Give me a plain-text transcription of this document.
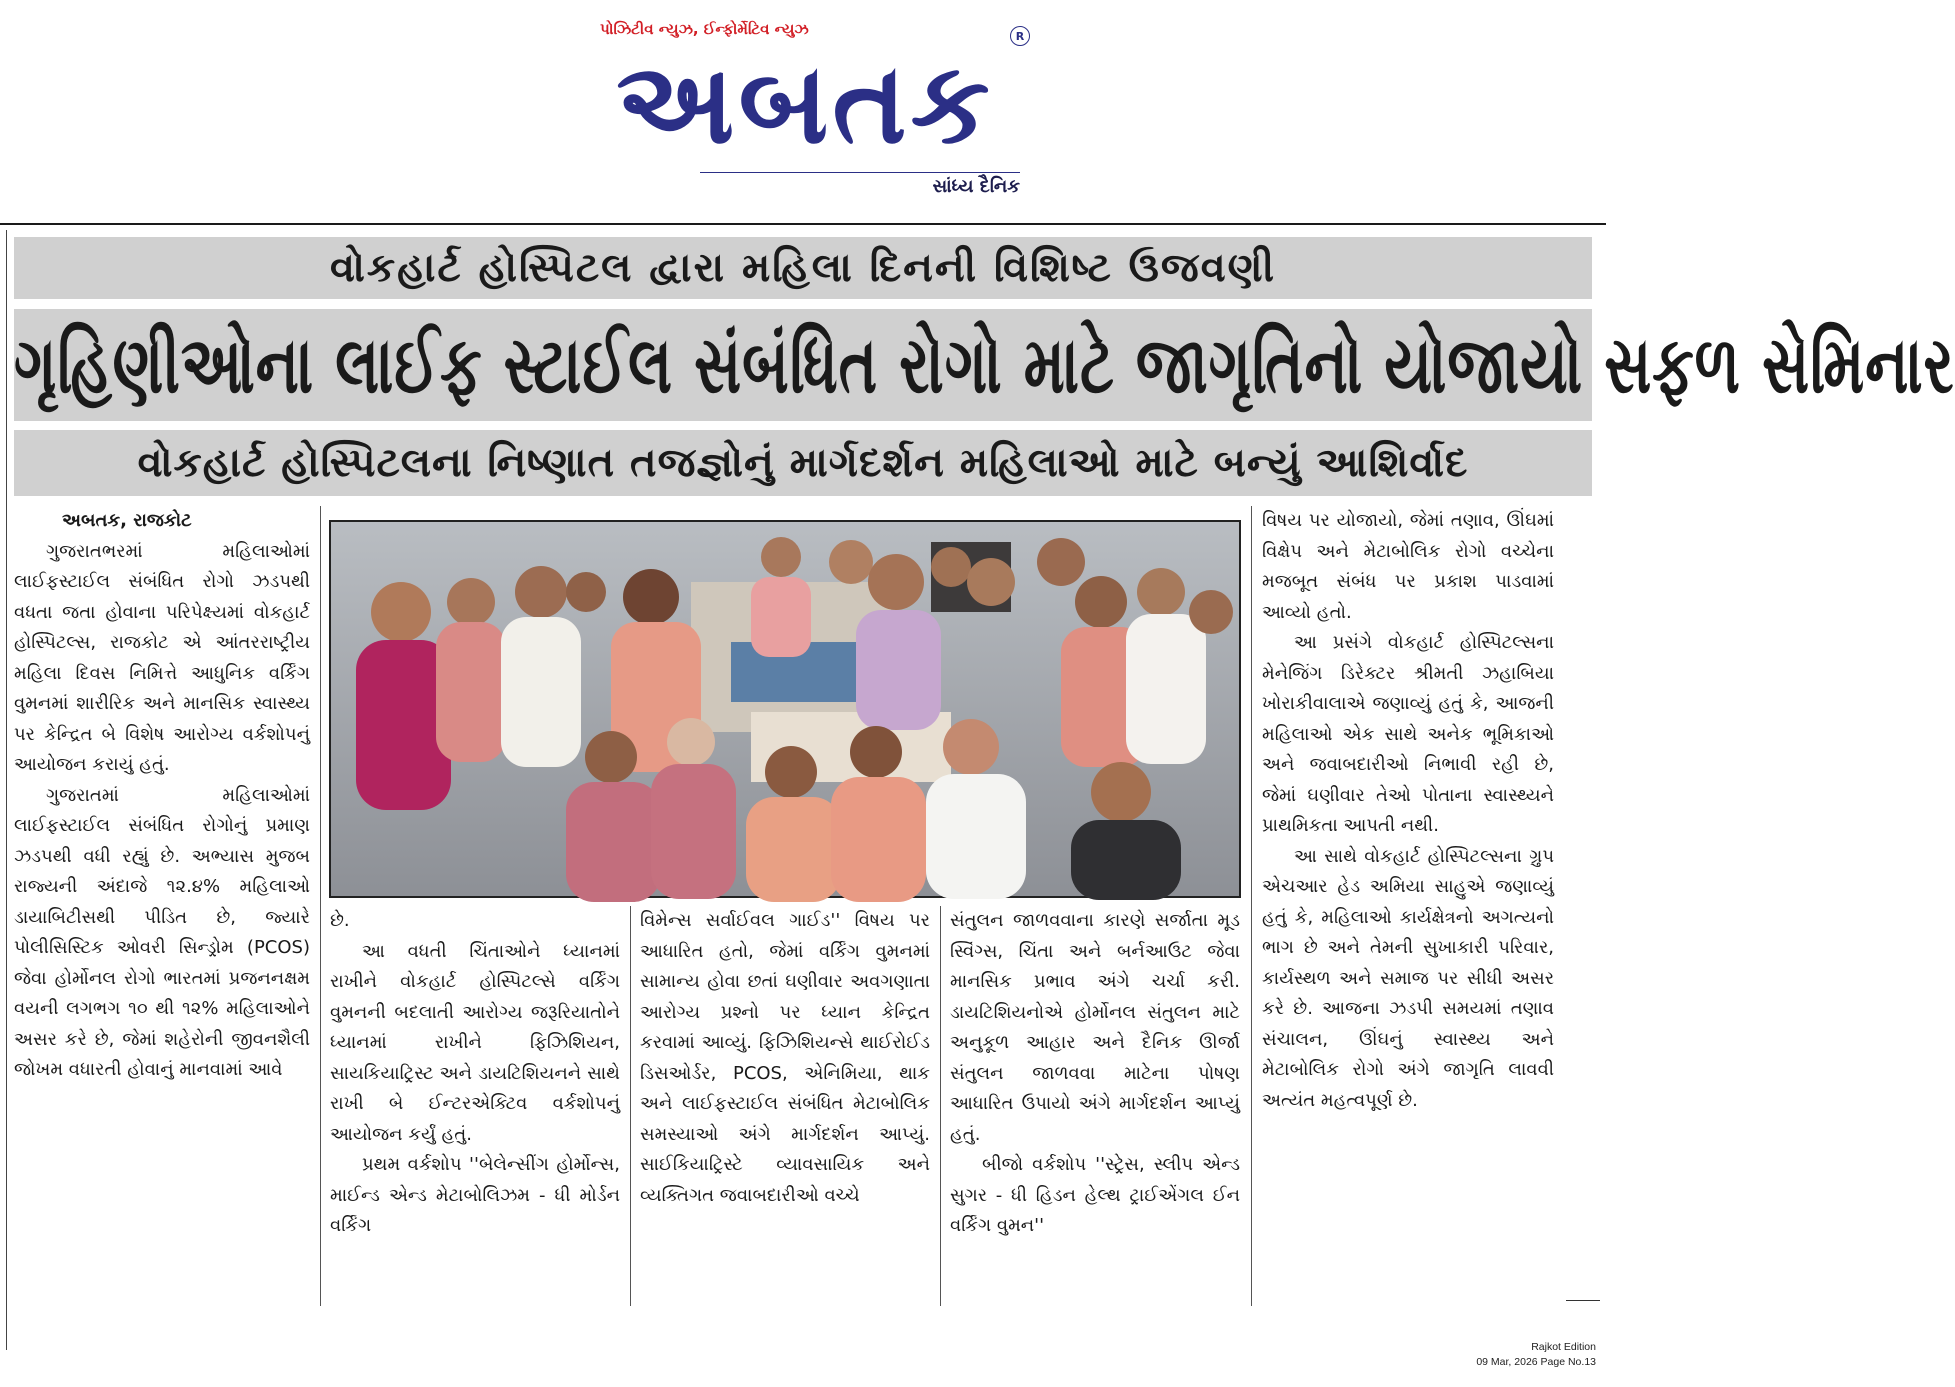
પોઝિટીવ ન્યુઝ, ઈન્ફોર્મેટિવ ન્યુઝ	R
અબતક
સાંધ્ય દૈનિક
વોકહાર્ટ હોસ્પિટલ દ્વારા મહિલા દિનની વિશિષ્ટ ઉજવણી
ગૃહિણીઓના લાઈફ સ્ટાઈલ સંબંધિત રોગો માટે જાગૃતિનો યોજાયો સફળ સેમિનાર
વોકહાર્ટ હોસ્પિટલના નિષ્ણાત તજજ્ઞોનું માર્ગદર્શન મહિલાઓ માટે બન્યું આશિર્વાદ
અબતક, રાજકોટ

ગુજરાતભરમાં મહિલાઓમાં લાઈફસ્ટાઈલ સંબંધિત રોગો ઝડપથી વધતા જતા હોવાના પરિપેક્ષ્યમાં વોકહાર્ટ હોસ્પિટલ્સ, રાજકોટ એ આંતરરાષ્ટ્રીય મહિલા દિવસ નિમિત્તે આધુનિક વર્કિંગ વુમનમાં શારીરિક અને માનસિક સ્વાસ્થ્ય પર કેન્દ્રિત બે વિશેષ આરોગ્ય વર્કશોપનું આયોજન કરાયું હતું.

ગુજરાતમાં મહિલાઓમાં લાઈફસ્ટાઈલ સંબંધિત રોગોનું પ્રમાણ ઝડપથી વધી રહ્યું છે. અભ્યાસ મુજબ રાજ્યની અંદાજે ૧૨.૪% મહિલાઓ ડાયાબિટીસથી પીડિત છે, જ્યારે પોલીસિસ્ટિક ઓવરી સિન્ડ્રોમ (PCOS) જેવા હોર્મોનલ રોગો ભારતમાં પ્રજનનક્ષમ વયની લગભગ ૧૦ થી ૧૨% મહિલાઓને અસર કરે છે, જેમાં શહેરોની જીવનશૈલી જોખમ વધારતી હોવાનું માનવામાં આવે

છે.

આ વધતી ચિંતાઓને ધ્યાનમાં રાખીને વોકહાર્ટ હોસ્પિટલ્સે વર્કિંગ વુમનની બદલાતી આરોગ્ય જરૂરિયાતોને ધ્યાનમાં રાખીને ફિઝિશિયન, સાયકિયાટ્રિસ્ટ અને ડાયટિશિયનને સાથે રાખી બે ઈન્ટરએક્ટિવ વર્કશોપનું આયોજન કર્યું હતું.

પ્રથમ વર્કશોપ ''બેલેન્સીંગ હોર્મોન્સ, માઈન્ડ એન્ડ મેટાબોલિઝમ - ધી મોર્ડન વર્કિંગ

વિમેન્સ સર્વાઈવલ ગાઈડ'' વિષય પર આધારિત હતો, જેમાં વર્કિંગ વુમનમાં સામાન્ય હોવા છતાં ઘણીવાર અવગણાતા આરોગ્ય પ્રશ્નો પર ધ્યાન કેન્દ્રિત કરવામાં આવ્યું. ફિઝિશિયન્સે થાઈરોઈડ ડિસઓર્ડર, PCOS, એનિમિયા, થાક અને લાઈફસ્ટાઈલ સંબંધિત મેટાબોલિક સમસ્યાઓ અંગે માર્ગદર્શન આપ્યું. સાઈકિયાટ્રિસ્ટે વ્યાવસાયિક અને વ્યક્તિગત જવાબદારીઓ વચ્ચે

સંતુલન જાળવવાના કારણે સર્જાતા મૂડ સ્વિંગ્સ, ચિંતા અને બર્નઆઉટ જેવા માનસિક પ્રભાવ અંગે ચર્ચા કરી. ડાયટિશિયનોએ હોર્મોનલ સંતુલન માટે અનુકૂળ આહાર અને દૈનિક ઊર્જા સંતુલન જાળવવા માટેના પોષણ આધારિત ઉપાયો અંગે માર્ગદર્શન આપ્યું હતું.

બીજો વર્કશોપ ''સ્ટ્રેસ, સ્લીપ એન્ડ સુગર - ધી હિડન હેલ્થ ટ્રાઈએંગલ ઈન વર્કિંગ વુમન''

વિષય પર યોજાયો, જેમાં તણાવ, ઊંઘમાં વિક્ષેપ અને મેટાબોલિક રોગો વચ્ચેના મજબૂત સંબંધ પર પ્રકાશ પાડવામાં આવ્યો હતો.

આ પ્રસંગે વોકહાર્ટ હોસ્પિટલ્સના મેનેજિંગ ડિરેક્ટર શ્રીમતી ઝહાબિયા ખોરાકીવાલાએ જણાવ્યું હતું કે, આજની મહિલાઓ એક સાથે અનેક ભૂમિકાઓ અને જવાબદારીઓ નિભાવી રહી છે, જેમાં ઘણીવાર તેઓ પોતાના સ્વાસ્થ્યને પ્રાથમિકતા આપતી નથી.

આ સાથે વોકહાર્ટ હોસ્પિટલ્સના ગ્રુપ એચઆર હેડ અમિયા સાહુએ જણાવ્યું હતું કે, મહિલાઓ કાર્યક્ષેત્રનો અગત્યનો ભાગ છે અને તેમની સુખાકારી પરિવાર, કાર્યસ્થળ અને સમાજ પર સીધી અસર કરે છે. આજના ઝડપી સમયમાં તણાવ સંચાલન, ઊંઘનું સ્વાસ્થ્ય અને મેટાબોલિક રોગો અંગે જાગૃતિ લાવવી અત્યંત મહત્વપૂર્ણ છે.

Rajkot Edition
09 Mar, 2026 Page No.13
